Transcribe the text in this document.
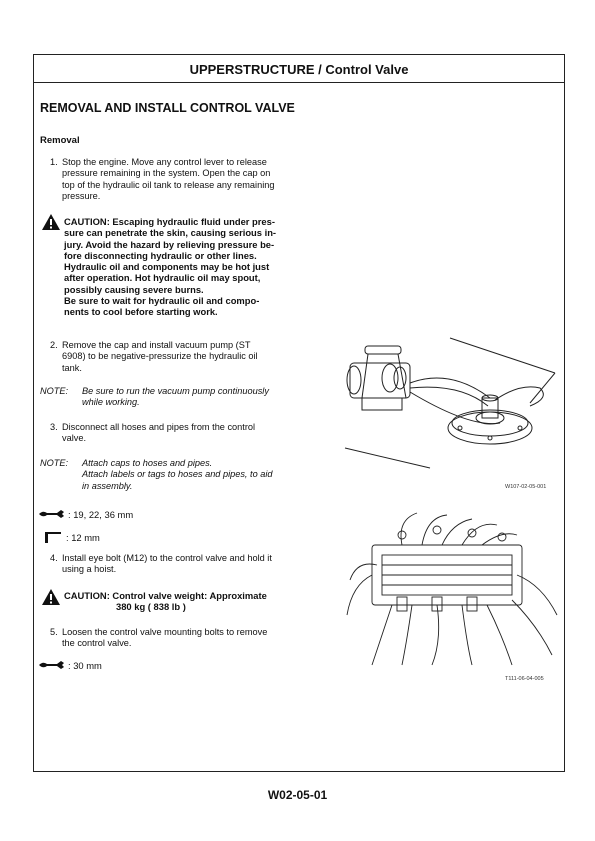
UPPERSTRUCTURE / Control Valve
REMOVAL AND INSTALL CONTROL VALVE
Removal
1. Stop the engine. Move any control lever to release
pressure remaining in the system. Open the cap on
top of the hydraulic oil tank to release any remaining
pressure.
CAUTION: Escaping hydraulic fluid under pres-
sure can penetrate the skin, causing serious in-
jury. Avoid the hazard by relieving pressure be-
fore disconnecting hydraulic or other lines.
Hydraulic oil and components may be hot just
after operation. Hot hydraulic oil may spout,
possibly causing severe burns.
Be sure to wait for hydraulic oil and compo-
nents to cool before starting work.
2. Remove the cap and install vacuum pump (ST
6908) to be negative-pressurize the hydraulic oil
tank.
NOTE: Be sure to run the vacuum pump continuously
while working.
3. Disconnect all hoses and pipes from the control
valve.
NOTE: Attach caps to hoses and pipes.
Attach labels or tags to hoses and pipes, to aid
in assembly.
: 19, 22, 36 mm
: 12 mm
4. Install eye bolt (M12) to the control valve and hold it
using a hoist.
CAUTION: Control valve weight: Approximate
380 kg ( 838 lb )
5. Loosen the control valve mounting bolts to remove
the control valve.
: 30 mm
W107-02-05-001
T111-06-04-005
W02-05-01
